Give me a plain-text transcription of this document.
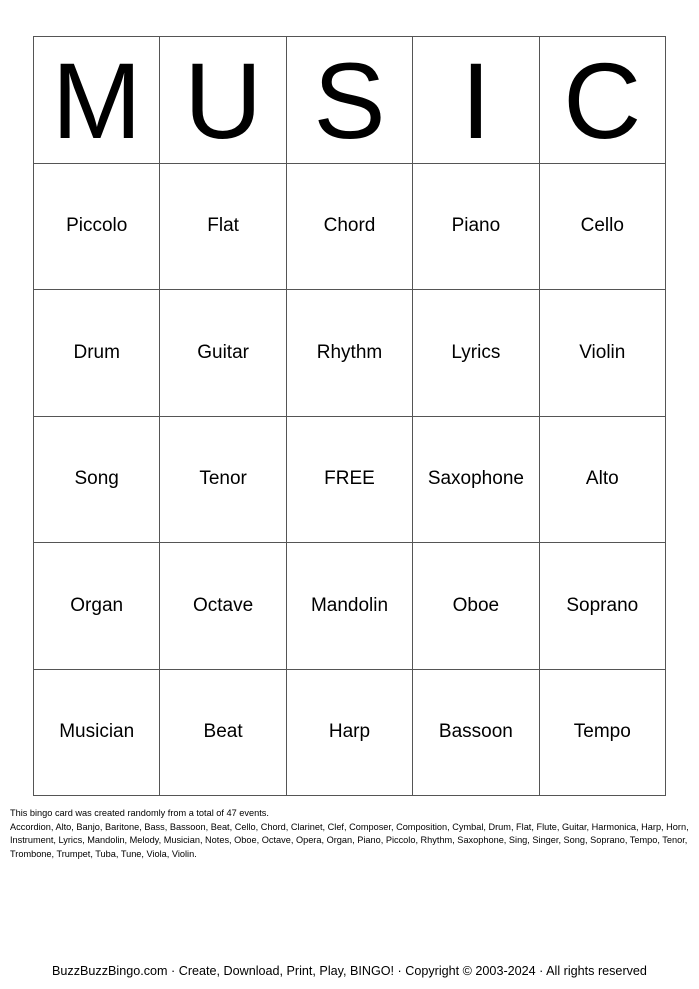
M U S I C
Piccolo	Flat	Chord	Piano	Cello
Drum	Guitar	Rhythm	Lyrics	Violin
Song	Tenor	FREE	Saxophone	Alto
Organ	Octave	Mandolin	Oboe	Soprano
Musician	Beat	Harp	Bassoon	Tempo
This bingo card was created randomly from a total of 47 events.
Accordion, Alto, Banjo, Baritone, Bass, Bassoon, Beat, Cello, Chord, Clarinet, Clef, Composer, Composition, Cymbal, Drum, Flat, Flute, Guitar, Harmonica, Harp, Horn, Instrument, Lyrics, Mandolin, Melody, Musician, Notes, Oboe, Octave, Opera, Organ, Piano, Piccolo, Rhythm, Saxophone, Sing, Singer, Song, Soprano, Tempo, Tenor, Trombone, Trumpet, Tuba, Tune, Viola, Violin.
BuzzBuzzBingo.com · Create, Download, Print, Play, BINGO! · Copyright © 2003-2024 · All rights reserved
